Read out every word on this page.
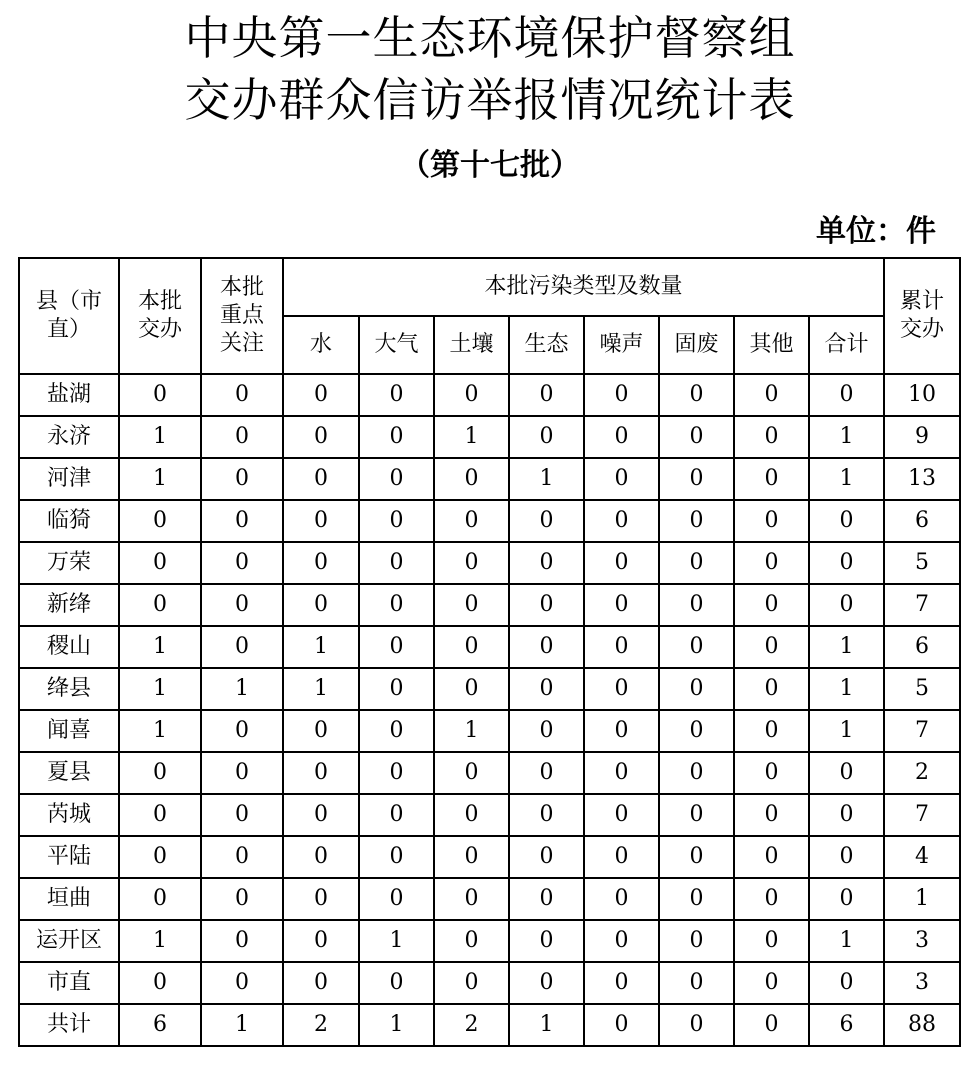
中央第一生态环境保护督察组
交办群众信访举报情况统计表
（第十七批）
单位：件
县（市直）	本批交办	本批重点关注	本批污染类型及数量								累计交办
			水	大气	土壤	生态	噪声	固废	其他	合计	
盐湖	0	0	0	0	0	0	0	0	0	0	10
永济	1	0	0	0	1	0	0	0	0	1	9
河津	1	0	0	0	0	1	0	0	0	1	13
临猗	0	0	0	0	0	0	0	0	0	0	6
万荣	0	0	0	0	0	0	0	0	0	0	5
新绛	0	0	0	0	0	0	0	0	0	0	7
稷山	1	0	1	0	0	0	0	0	0	1	6
绛县	1	1	1	0	0	0	0	0	0	1	5
闻喜	1	0	0	0	1	0	0	0	0	1	7
夏县	0	0	0	0	0	0	0	0	0	0	2
芮城	0	0	0	0	0	0	0	0	0	0	7
平陆	0	0	0	0	0	0	0	0	0	0	4
垣曲	0	0	0	0	0	0	0	0	0	0	1
运开区	1	0	0	1	0	0	0	0	0	1	3
市直	0	0	0	0	0	0	0	0	0	0	3
共计	6	1	2	1	2	1	0	0	0	6	88
